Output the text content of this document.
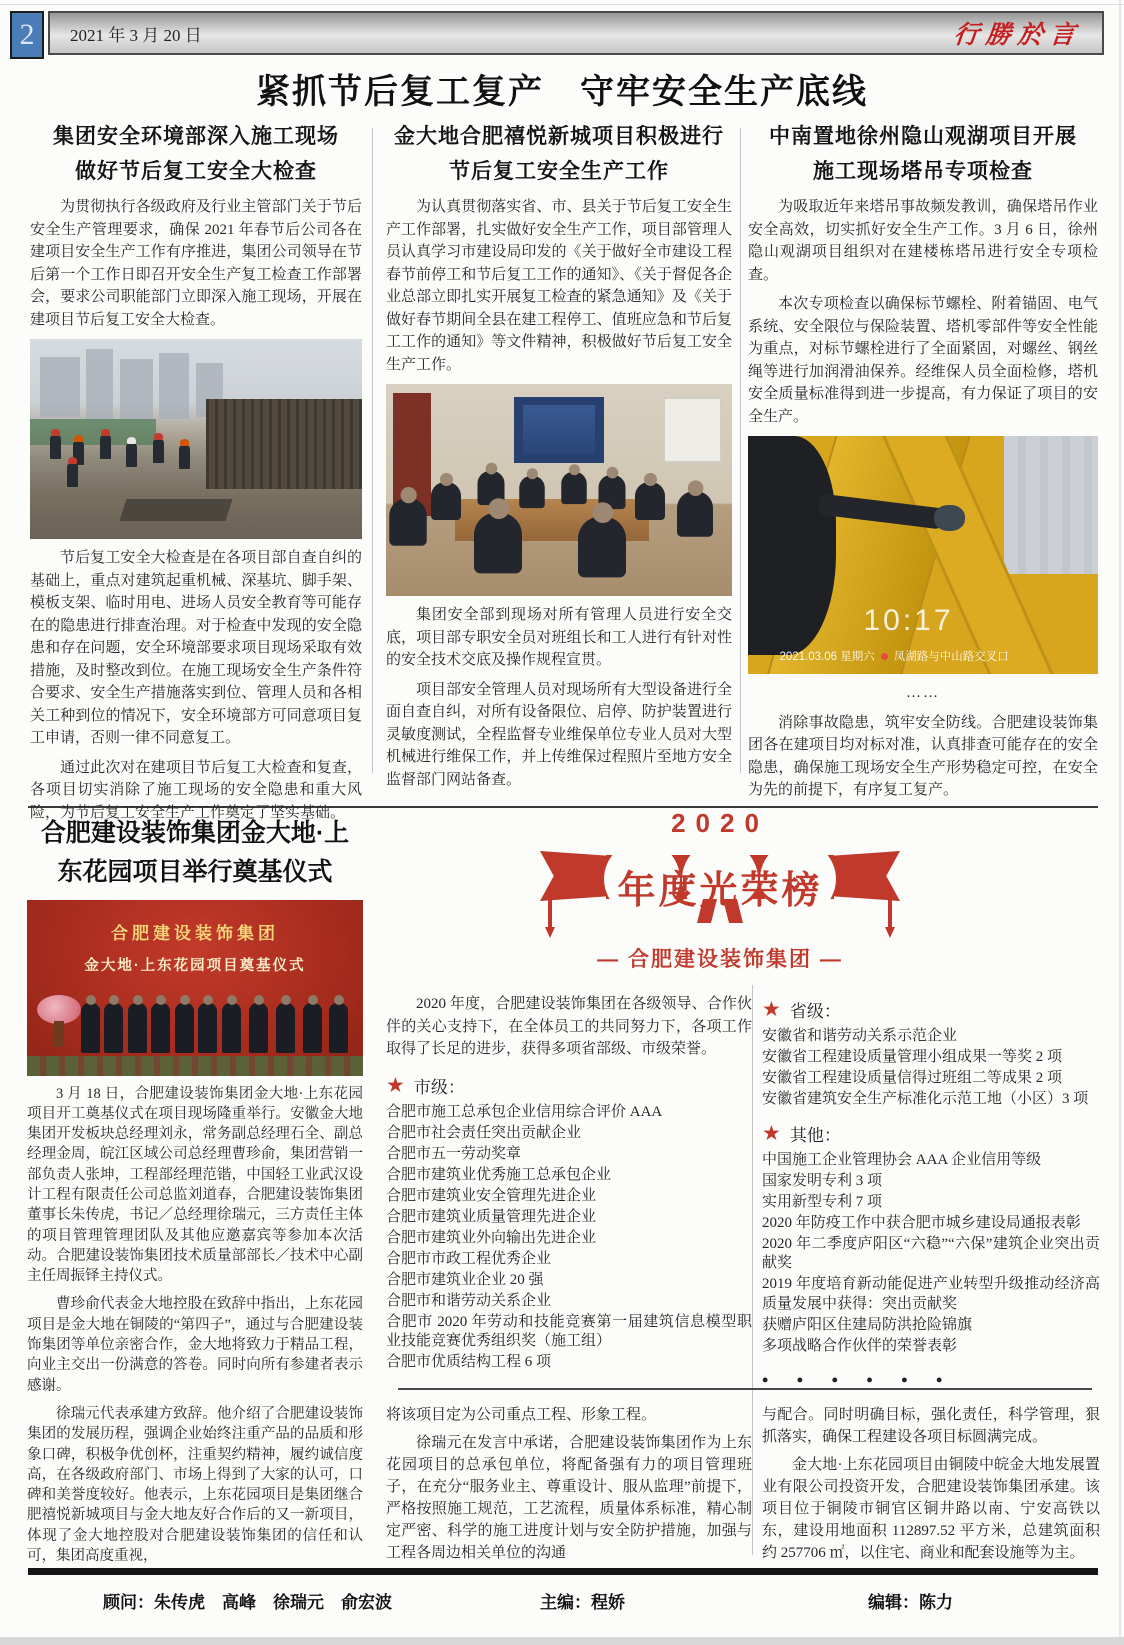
2 2021 年 3 月 20 日	行勝於言
紧抓节后复工复产　守牢安全生产底线
集团安全环境部深入施工现场
做好节后复工安全大检查

为贯彻执行各级政府及行业主管部门关于节后安全生产管理要求，确保 2021 年春节后公司各在建项目安全生产工作有序推进，集团公司领导在节后第一个工作日即召开安全生产复工检查工作部署会，要求公司职能部门立即深入施工现场，开展在建项目节后复工安全大检查。

节后复工安全大检查是在各项目部自查自纠的基础上，重点对建筑起重机械、深基坑、脚手架、模板支架、临时用电、进场人员安全教育等可能存在的隐患进行排查治理。对于检查中发现的安全隐患和存在问题，安全环境部要求项目现场采取有效措施，及时整改到位。在施工现场安全生产条件符合要求、安全生产措施落实到位、管理人员和各相关工种到位的情况下，安全环境部方可同意项目复工申请，否则一律不同意复工。

通过此次对在建项目节后复工大检查和复查，各项目切实消除了施工现场的安全隐患和重大风险，为节后复工安全生产工作奠定了坚实基础。

金大地合肥禧悦新城项目积极进行
节后复工安全生产工作

为认真贯彻落实省、市、县关于节后复工安全生产工作部署，扎实做好安全生产工作，项目部管理人员认真学习市建设局印发的《关于做好全市建设工程春节前停工和节后复工工作的通知》、《关于督促各企业总部立即扎实开展复工检查的紧急通知》及《关于做好春节期间全县在建工程停工、值班应急和节后复工工作的通知》等文件精神，积极做好节后复工安全生产工作。

集团安全部到现场对所有管理人员进行安全交底，项目部专职安全员对班组长和工人进行有针对性的安全技术交底及操作规程宣贯。

项目部安全管理人员对现场所有大型设备进行全面自查自纠，对所有设备限位、启停、防护装置进行灵敏度测试，全程监督专业维保单位专业人员对大型机械进行维保工作，并上传维保过程照片至地方安全监督部门网站备查。

中南置地徐州隐山观湖项目开展
施工现场塔吊专项检查

为吸取近年来塔吊事故频发教训，确保塔吊作业安全高效，切实抓好安全生产工作。3 月 6 日，徐州隐山观湖项目组织对在建楼栋塔吊进行安全专项检查。

本次专项检查以确保标节螺栓、附着锚固、电气系统、安全限位与保险装置、塔机零部件等安全性能为重点，对标节螺栓进行了全面紧固，对螺丝、钢丝绳等进行加润滑油保养。经维保人员全面检修，塔机安全质量标准得到进一步提高，有力保证了项目的安全生产。

10:17
2021.03.06 星期六 凤湖路与中山路交叉口

……

消除事故隐患，筑牢安全防线。合肥建设装饰集团各在建项目均对标对准，认真排查可能存在的安全隐患，确保施工现场安全生产形势稳定可控，在安全为先的前提下，有序复工复产。

合肥建设装饰集团金大地·上
东花园项目举行奠基仪式
合肥建设装饰集团
金大地·上东花园项目奠基仪式

3 月 18 日，合肥建设装饰集团金大地·上东花园项目开工奠基仪式在项目现场隆重举行。安徽金大地集团开发板块总经理刘永，常务副总经理石全、副总经理金周，皖江区域公司总经理曹珍俞，集团营销一部负责人张坤，工程部经理范锴，中国轻工业武汉设计工程有限责任公司总监刘道春，合肥建设装饰集团董事长朱传虎，书记／总经理徐瑞元，三方责任主体的项目管理管理团队及其他应邀嘉宾等参加本次活动。合肥建设装饰集团技术质量部部长／技术中心副主任周振铎主持仪式。

曹珍俞代表金大地控股在致辞中指出，上东花园项目是金大地在铜陵的“第四子”，通过与合肥建设装饰集团等单位亲密合作，金大地将致力于精品工程，向业主交出一份满意的答卷。同时向所有参建者表示感谢。

徐瑞元代表承建方致辞。他介绍了合肥建设装饰集团的发展历程，强调企业始终注重产品的品质和形象口碑，积极争优创杯，注重契约精神，履约诚信度高，在各级政府部门、市场上得到了大家的认可，口碑和美誉度较好。他表示，上东花园项目是集团继合肥禧悦新城项目与金大地友好合作后的又一新项目，体现了金大地控股对合肥建设装饰集团的信任和认可，集团高度重视，

2020
年度光荣榜
— 合肥建设装饰集团 —

2020 年度，合肥建设装饰集团在各级领导、合作伙伴的关心支持下，在全体员工的共同努力下，各项工作取得了长足的进步，获得多项省部级、市级荣誉。

★ 市级：
合肥市施工总承包企业信用综合评价 AAA
合肥市社会责任突出贡献企业
合肥市五一劳动奖章
合肥市建筑业优秀施工总承包企业
合肥市建筑业安全管理先进企业
合肥市建筑业质量管理先进企业
合肥市建筑业外向输出先进企业
合肥市市政工程优秀企业
合肥市建筑业企业 20 强
合肥市和谐劳动关系企业
合肥市 2020 年劳动和技能竞赛第一届建筑信息模型职业技能竞赛优秀组织奖（施工组）
合肥市优质结构工程 6 项
★ 省级：
安徽省和谐劳动关系示范企业
安徽省工程建设质量管理小组成果一等奖 2 项
安徽省工程建设质量信得过班组二等成果 2 项
安徽省建筑安全生产标准化示范工地（小区）3 项
★ 其他：
中国施工企业管理协会 AAA 企业信用等级
国家发明专利 3 项
实用新型专利 7 项
2020 年防疫工作中获合肥市城乡建设局通报表彰
2020 年二季度庐阳区“六稳”“六保”建筑企业突出贡献奖
2019 年度培育新动能促进产业转型升级推动经济高质量发展中获得：突出贡献奖
获赠庐阳区住建局防洪抢险锦旗
多项战略合作伙伴的荣誉表彰
• • • • • •

将该项目定为公司重点工程、形象工程。

徐瑞元在发言中承诺，合肥建设装饰集团作为上东花园项目的总承包单位，将配备强有力的项目管理班子，在充分“服务业主、尊重设计、服从监理”前提下，严格按照施工规范，工艺流程，质量体系标准，精心制定严密、科学的施工进度计划与安全防护措施，加强与工程各周边相关单位的沟通

与配合。同时明确目标，强化责任，科学管理，狠抓落实，确保工程建设各项目标圆满完成。

金大地·上东花园项目由铜陵中皖金大地发展置业有限公司投资开发，合肥建设装饰集团承建。该项目位于铜陵市铜官区铜井路以南、宁安高铁以东，建设用地面积 112897.52 平方米，总建筑面积约 257706 ㎡，以住宅、商业和配套设施等为主。

顾问：朱传虎　高峰　徐瑞元　俞宏波	主编：程娇	编辑：陈力
